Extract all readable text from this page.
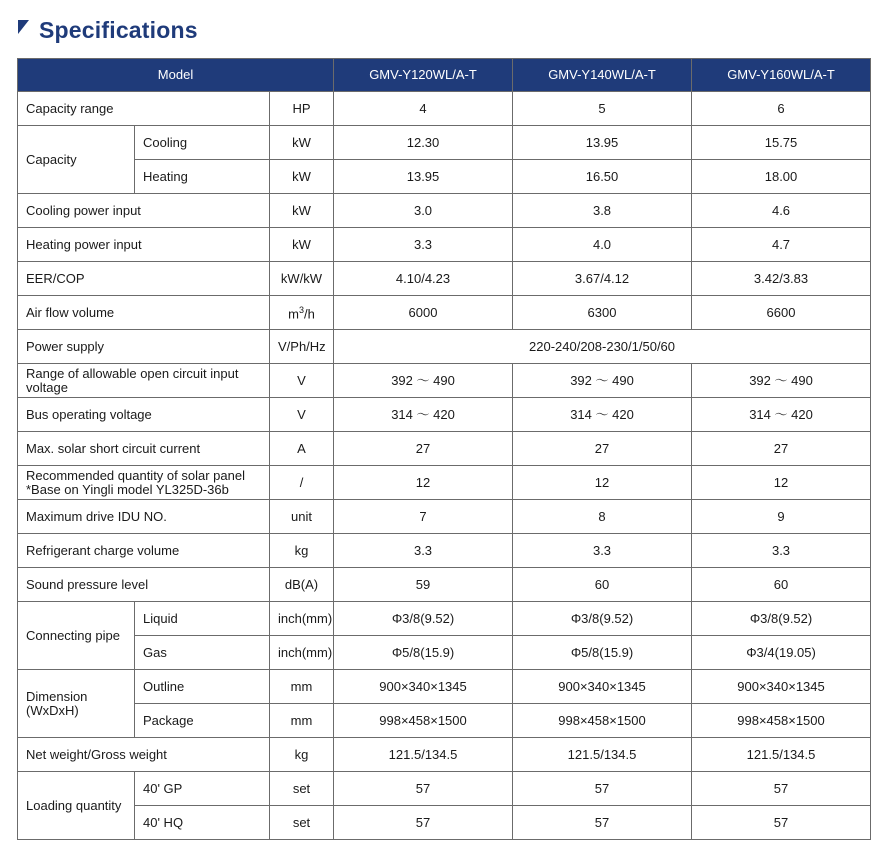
Specifications
Model			GMV-Y120WL/A-T	GMV-Y140WL/A-T	GMV-Y160WL/A-T
Capacity range		HP	4	5	6
Capacity	Cooling	kW	12.30	13.95	15.75
	Heating	kW	13.95	16.50	18.00
Cooling power input		kW	3.0	3.8	4.6
Heating power input		kW	3.3	4.0	4.7
EER/COP		kW/kW	4.10/4.23	3.67/4.12	3.42/3.83
Air flow volume		$m^3/h$	6000	6300	6600
Power supply		V/Ph/Hz	220-240/208-230/1/50/60		
Range of allowable open circuit input
voltage		V	392 ～ 490	392 ～ 490	392 ～ 490
Bus operating voltage		V	314 ～ 420	314 ～ 420	314 ～ 420
Max. solar short circuit current		A	27	27	27
Recommended quantity of solar panel
*Base on Yingli model YL325D-36b		/	12	12	12
Maximum drive IDU NO.		unit	7	8	9
Refrigerant charge volume		kg	3.3	3.3	3.3
Sound pressure level		dB(A)	59	60	60
Connecting pipe	Liquid	inch(mm)	Φ3/8(9.52)	Φ3/8(9.52)	Φ3/8(9.52)
	Gas	inch(mm)	Φ5/8(15.9)	Φ5/8(15.9)	Φ3/4(19.05)
Dimension
(WxDxH)	Outline	mm	900×340×1345	900×340×1345	900×340×1345
	Package	mm	998×458×1500	998×458×1500	998×458×1500
Net weight/Gross weight		kg	121.5/134.5	121.5/134.5	121.5/134.5
Loading quantity	40' GP	set	57	57	57
	40' HQ	set	57	57	57
